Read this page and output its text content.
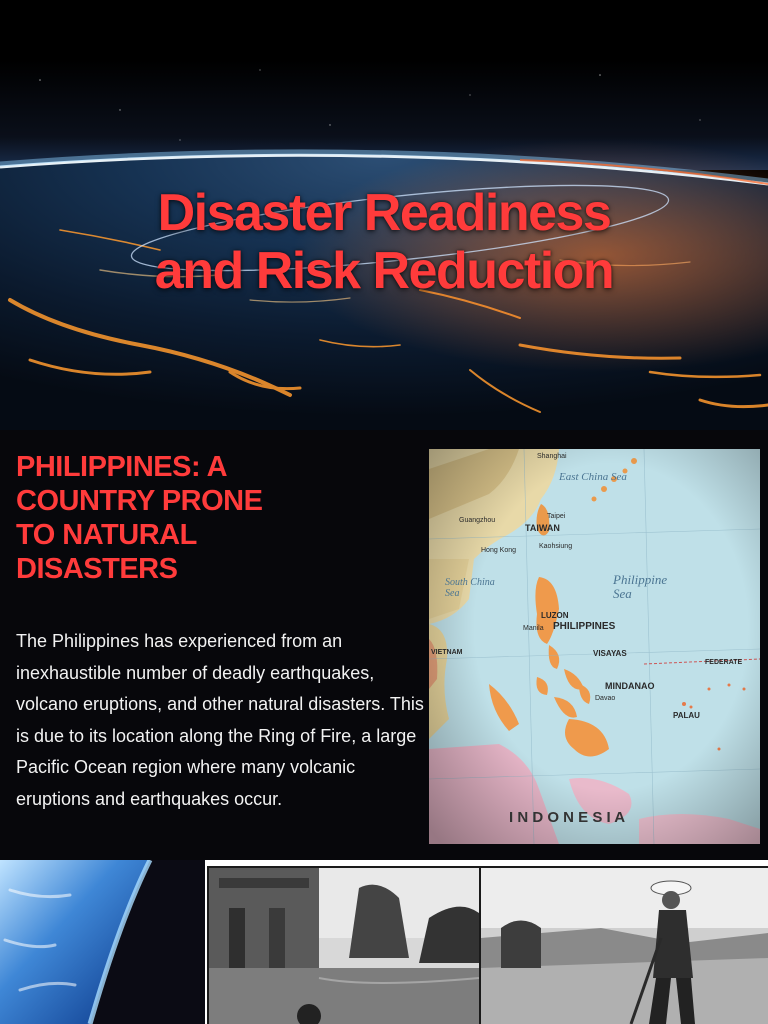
Disaster Readiness
and Risk Reduction
PHILIPPINES: A
COUNTRY PRONE
TO NATURAL
DISASTERS

The Philippines has experienced from an inexhaustible number of deadly earthquakes, volcano eruptions, and other natural disasters. This is due to its location along the Ring of Fire, a large Pacific Ocean region where many volcanic eruptions and earthquakes occur.

Shanghai
East China Sea
Guangzhou
TAIWAN
Taipei
Hong Kong
Kaohsiung
South China Sea
Philippine Sea
LUZON
PHILIPPINES
Manila
VISAYAS
MINDANAO
Davao
PALAU
FEDERATE
VIETNAM
I N D O N E S I A
